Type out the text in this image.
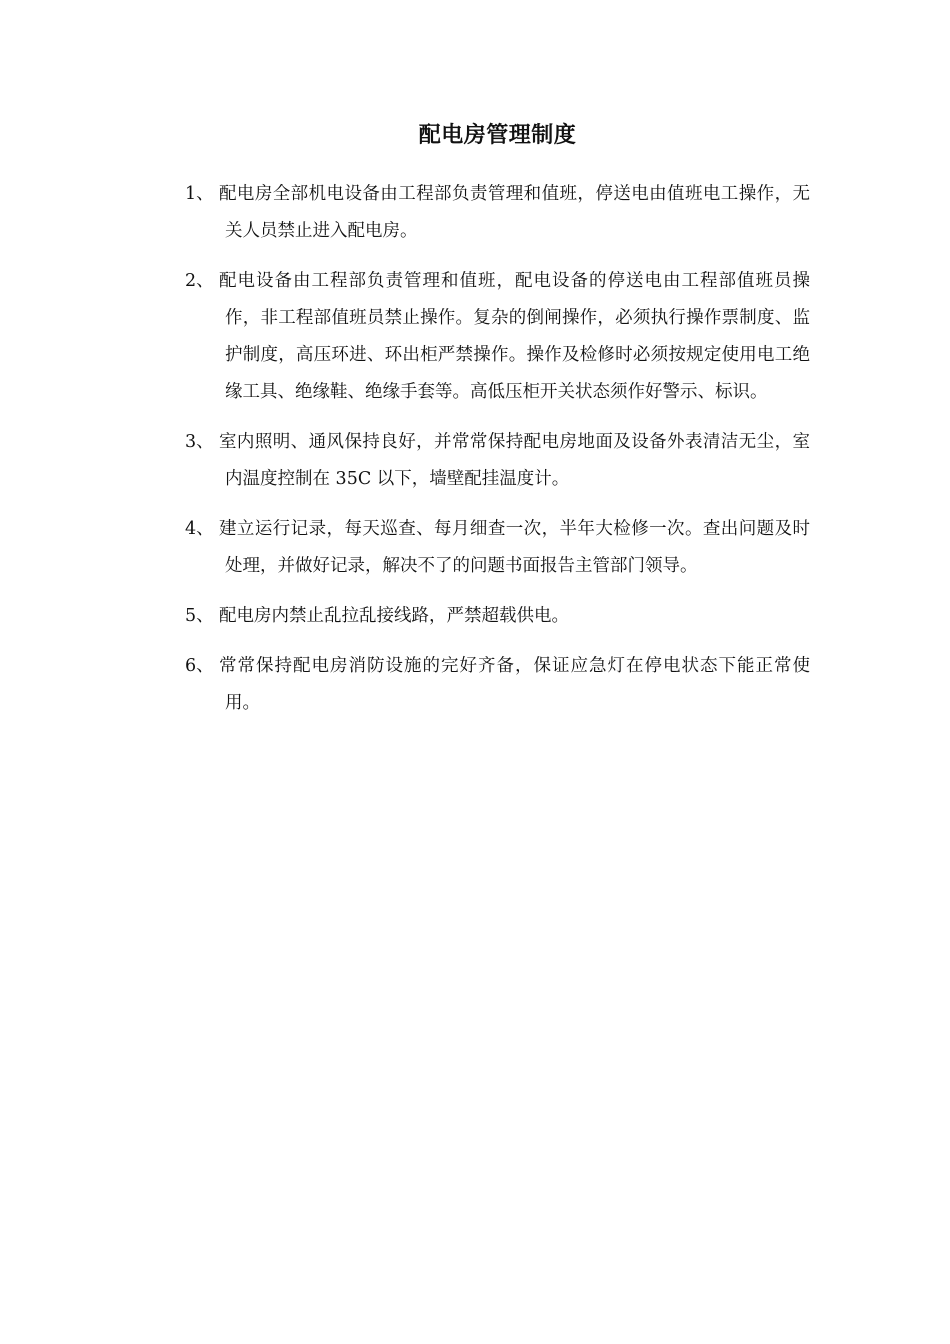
配电房管理制度
1、 配电房全部机电设备由工程部负责管理和值班，停送电由值班电工操作，无关人员禁止进入配电房。
2、 配电设备由工程部负责管理和值班，配电设备的停送电由工程部值班员操作，非工程部值班员禁止操作。复杂的倒闸操作，必须执行操作票制度、监护制度，高压环进、环出柜严禁操作。操作及检修时必须按规定使用电工绝缘工具、绝缘鞋、绝缘手套等。高低压柜开关状态须作好警示、标识。
3、 室内照明、通风保持良好，并常常保持配电房地面及设备外表清洁无尘，室内温度控制在 35C 以下，墙壁配挂温度计。
4、 建立运行记录，每天巡查、每月细查一次，半年大检修一次。查出问题及时处理，并做好记录，解决不了的问题书面报告主管部门领导。
5、 配电房内禁止乱拉乱接线路，严禁超载供电。
6、 常常保持配电房消防设施的完好齐备，保证应急灯在停电状态下能正常使用。
